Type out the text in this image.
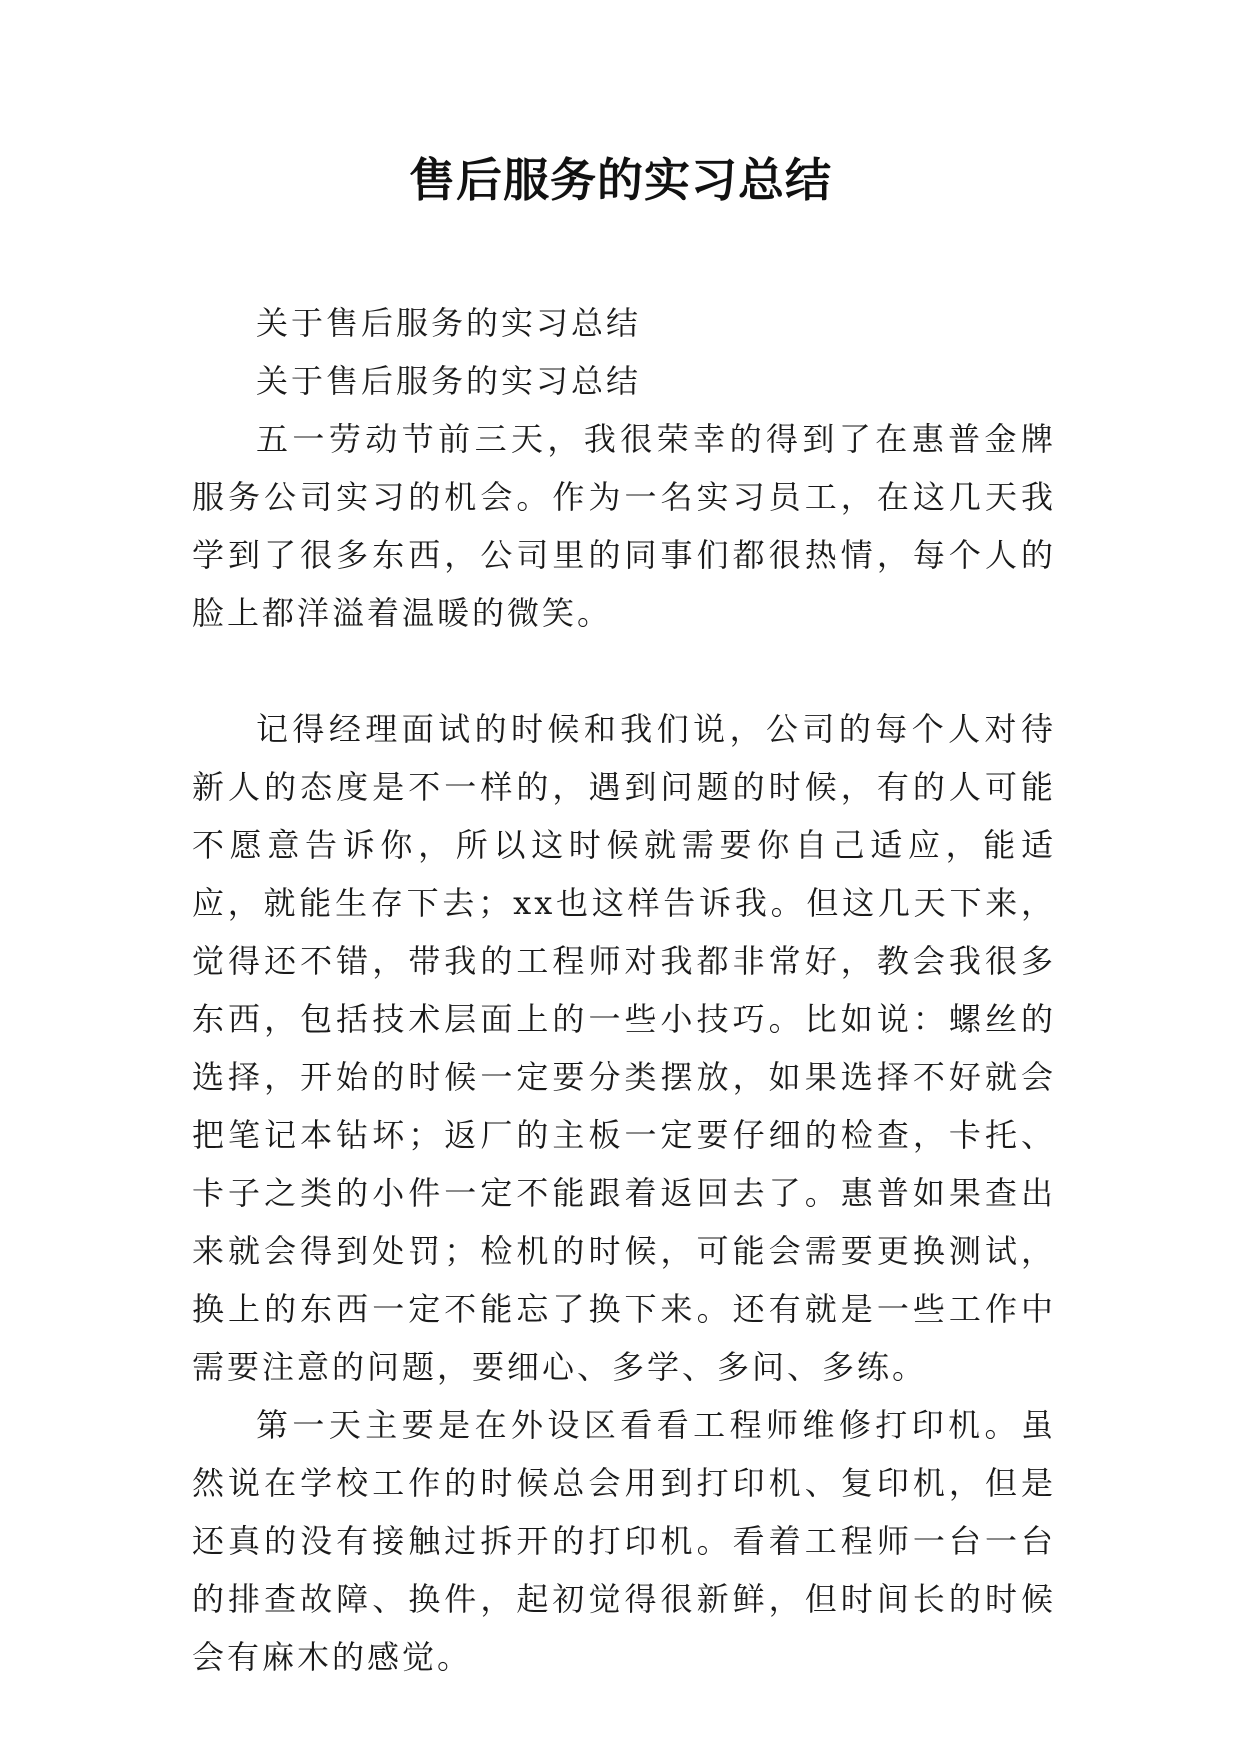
售后服务的实习总结

关于售后服务的实习总结

关于售后服务的实习总结

五一劳动节前三天，我很荣幸的得到了在惠普金牌服务公司实习的机会。作为一名实习员工，在这几天我学到了很多东西，公司里的同事们都很热情，每个人的脸上都洋溢着温暖的微笑。

记得经理面试的时候和我们说，公司的每个人对待新人的态度是不一样的，遇到问题的时候，有的人可能不愿意告诉你，所以这时候就需要你自己适应，能适应，就能生存下去；xx也这样告诉我。但这几天下来，觉得还不错，带我的工程师对我都非常好，教会我很多东西，包括技术层面上的一些小技巧。比如说：螺丝的选择，开始的时候一定要分类摆放，如果选择不好就会把笔记本钻坏；返厂的主板一定要仔细的检查，卡托、卡子之类的小件一定不能跟着返回去了。惠普如果查出来就会得到处罚；检机的时候，可能会需要更换测试，换上的东西一定不能忘了换下来。还有就是一些工作中需要注意的问题，要细心、多学、多问、多练。

第一天主要是在外设区看看工程师维修打印机。虽然说在学校工作的时候总会用到打印机、复印机，但是还真的没有接触过拆开的打印机。看着工程师一台一台的排查故障、换件，起初觉得很新鲜，但时间长的时候会有麻木的感觉。
